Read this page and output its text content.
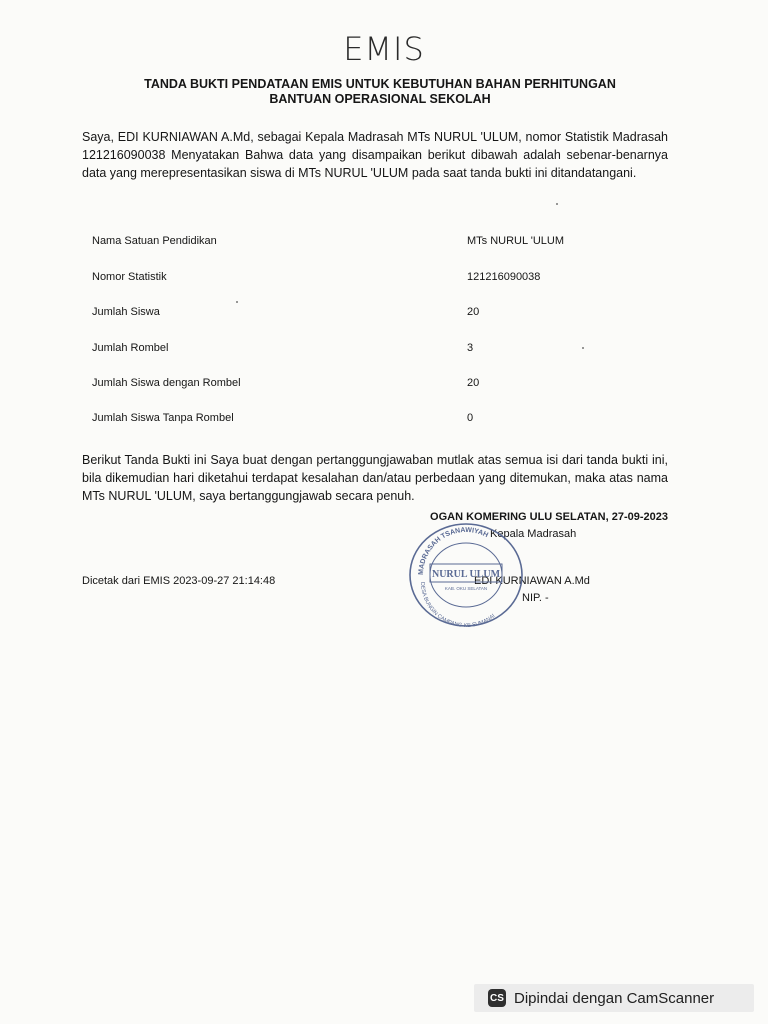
EMIS
TANDA BUKTI PENDATAAN EMIS UNTUK KEBUTUHAN BAHAN PERHITUNGAN
BANTUAN OPERASIONAL SEKOLAH
Saya, EDI KURNIAWAN A.Md, sebagai Kepala Madrasah MTs NURUL 'ULUM, nomor Statistik Madrasah 121216090038 Menyatakan Bahwa data yang disampaikan berikut dibawah adalah sebenar-benarnya data yang merepresentasikan siswa di MTs NURUL 'ULUM pada saat tanda bukti ini ditandatangani.
Nama Satuan Pendidikan	MTs NURUL 'ULUM
Nomor Statistik	121216090038
Jumlah Siswa	20
Jumlah Rombel	3
Jumlah Siswa dengan Rombel	20
Jumlah Siswa Tanpa Rombel	0
Berikut Tanda Bukti ini Saya buat dengan pertanggungjawaban mutlak atas semua isi dari tanda bukti ini, bila dikemudian hari diketahui terdapat kesalahan dan/atau perbedaan yang ditemukan, maka atas nama MTs NURUL 'ULUM, saya bertanggungjawab secara penuh.
OGAN KOMERING ULU SELATAN, 27-09-2023
Kepala Madrasah
EDI KURNIAWAN A.Md
NIP. -
Dicetak dari EMIS 2023-09-27 21:14:48
MADRASAH TSANAWIYAH
DESA BUNGIN CAMPANG KE SUMANAI
NURUL ULUM
KAB. OKU SELATAN
CS Dipindai dengan CamScanner
